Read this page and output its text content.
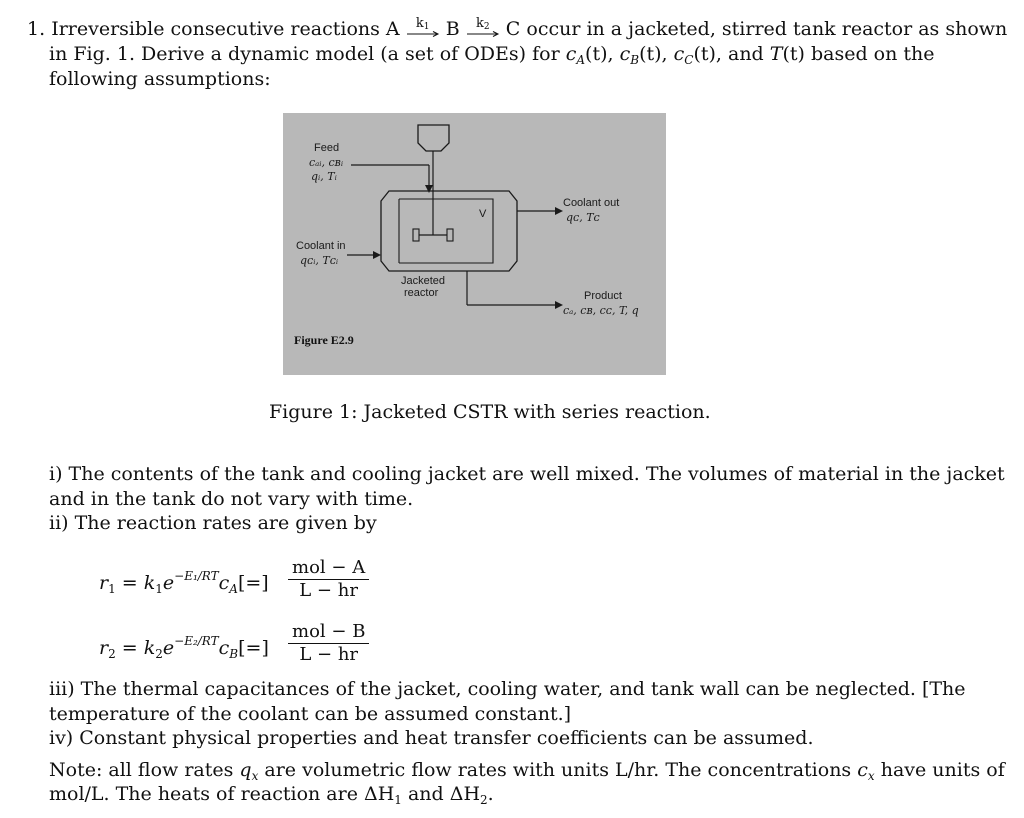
1. Irreversible consecutive reactions A	k1 B	k2 C occur in a jacketed, stirred tank reactor as shown
in Fig. 1. Derive a dynamic model (a set of ODEs) for $c_A(t)$, $c_B(t)$, $c_C(t)$, and T(t) based on the
following assumptions:
Feed
cₐᵢ, cʙᵢ
qᵢ, Tᵢ
V
Coolant out
qᴄ, Tᴄ
Coolant in
qᴄᵢ, Tᴄᵢ
Jacketed
reactor	Product
cₐ, cʙ, cᴄ, T, q
Figure E2.9
Figure 1: Jacketed CSTR with series reaction.
i) The contents of the tank and cooling jacket are well mixed. The volumes of material in the jacket
and in the tank do not vary with time.
ii) The reaction rates are given by
$r_1 = k_1e^{-E_1/RT}c_A[=]$
mol − A
L − hr
$r_2 = k_2e^{-E_2/RT}c_B[=]$
mol − B
L − hr
iii) The thermal capacitances of the jacket, cooling water, and tank wall can be neglected. [The
temperature of the coolant can be assumed constant.]
iv) Constant physical properties and heat transfer coefficients can be assumed.
Note: all flow rates $q_x$ are volumetric flow rates with units L/hr. The concentrations $c_x$ have units of
mol/L. The heats of reaction are $\Delta H_1$ and $\Delta H_2$.
